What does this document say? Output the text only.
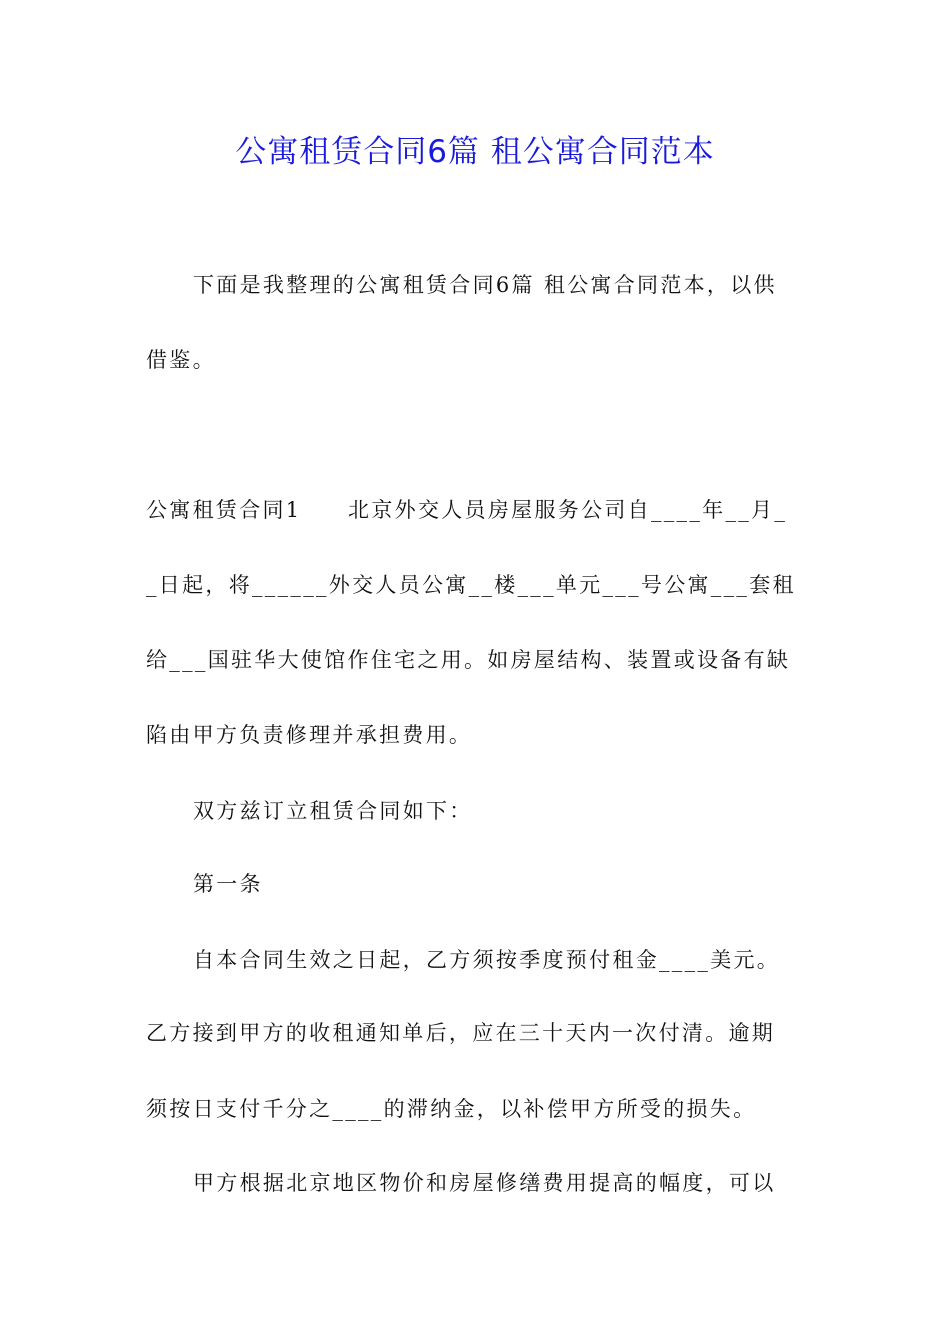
公寓租赁合同6篇 租公寓合同范本
下面是我整理的公寓租赁合同6篇 租公寓合同范本，以供
借鉴。
公寓租赁合同1　　北京外交人员房屋服务公司自____年__月_
_日起，将______外交人员公寓__楼___单元___号公寓___套租
给___国驻华大使馆作住宅之用。如房屋结构、装置或设备有缺
陷由甲方负责修理并承担费用。
双方兹订立租赁合同如下：
第一条
自本合同生效之日起，乙方须按季度预付租金____美元。
乙方接到甲方的收租通知单后，应在三十天内一次付清。逾期
须按日支付千分之____的滞纳金，以补偿甲方所受的损失。
甲方根据北京地区物价和房屋修缮费用提高的幅度，可以
